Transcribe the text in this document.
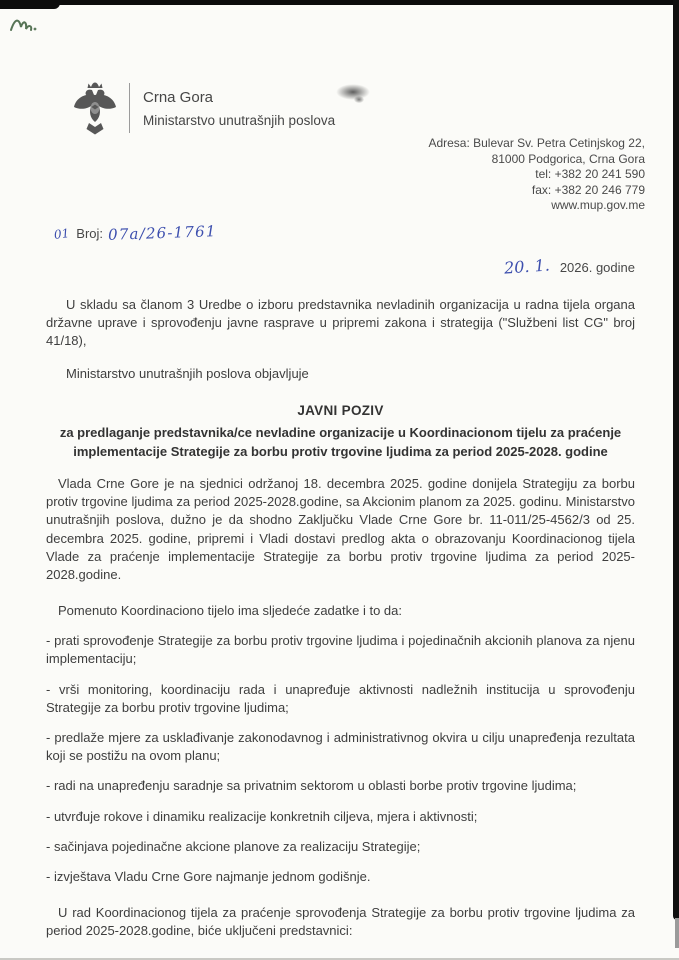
Crna Gora
Ministarstvo unutrašnjih poslova
Adresa: Bulevar Sv. Petra Cetinjskog 22,
81000 Podgorica, Crna Gora
tel: +382 20 241 590
fax: +382 20 246 779
www.mup.gov.me
01 Broj: 07a/26-1761
20. 1. 2026. godine

U skladu sa članom 3 Uredbe o izboru predstavnika nevladinih organizacija u radna tijela organa državne uprave i sprovođenju javne rasprave u pripremi zakona i strategija ("Službeni list CG" broj 41/18),

Ministarstvo unutrašnjih poslova objavljuje

JAVNI POZIV

za predlaganje predstavnika/ce nevladine organizacije u Koordinacionom tijelu za praćenje implementacije Strategije za borbu protiv trgovine ljudima za period 2025-2028. godine

Vlada Crne Gore je na sjednici održanoj 18. decembra 2025. godine donijela Strategiju za borbu protiv trgovine ljudima za period 2025-2028.godine, sa Akcionim planom za 2025. godinu. Ministarstvo unutrašnjih poslova, dužno je da shodno Zaključku Vlade Crne Gore br. 11-011/25-4562/3 od 25. decembra 2025. godine, pripremi i Vladi dostavi predlog akta o obrazovanju Koordinacionog tijela Vlade za praćenje implementacije Strategije za borbu protiv trgovine ljudima za period 2025-2028.godine.

Pomenuto Koordinaciono tijelo ima sljedeće zadatke i to da:

- prati sprovođenje Strategije za borbu protiv trgovine ljudima i pojedinačnih akcionih planova za njenu implementaciju;

- vrši monitoring, koordinaciju rada i unapređuje aktivnosti nadležnih institucija u sprovođenju Strategije za borbu protiv trgovine ljudima;

- predlaže mjere za usklađivanje zakonodavnog i administrativnog okvira u cilju unapređenja rezultata koji se postižu na ovom planu;

- radi na unapređenju saradnje sa privatnim sektorom u oblasti borbe protiv trgovine ljudima;

- utvrđuje rokove i dinamiku realizacije konkretnih ciljeva, mjera i aktivnosti;

- sačinjava pojedinačne akcione planove za realizaciju Strategije;

- izvještava Vladu Crne Gore najmanje jednom godišnje.

U rad Koordinacionog tijela za praćenje sprovođenja Strategije za borbu protiv trgovine ljudima za period 2025-2028.godine, biće uključeni predstavnici:
